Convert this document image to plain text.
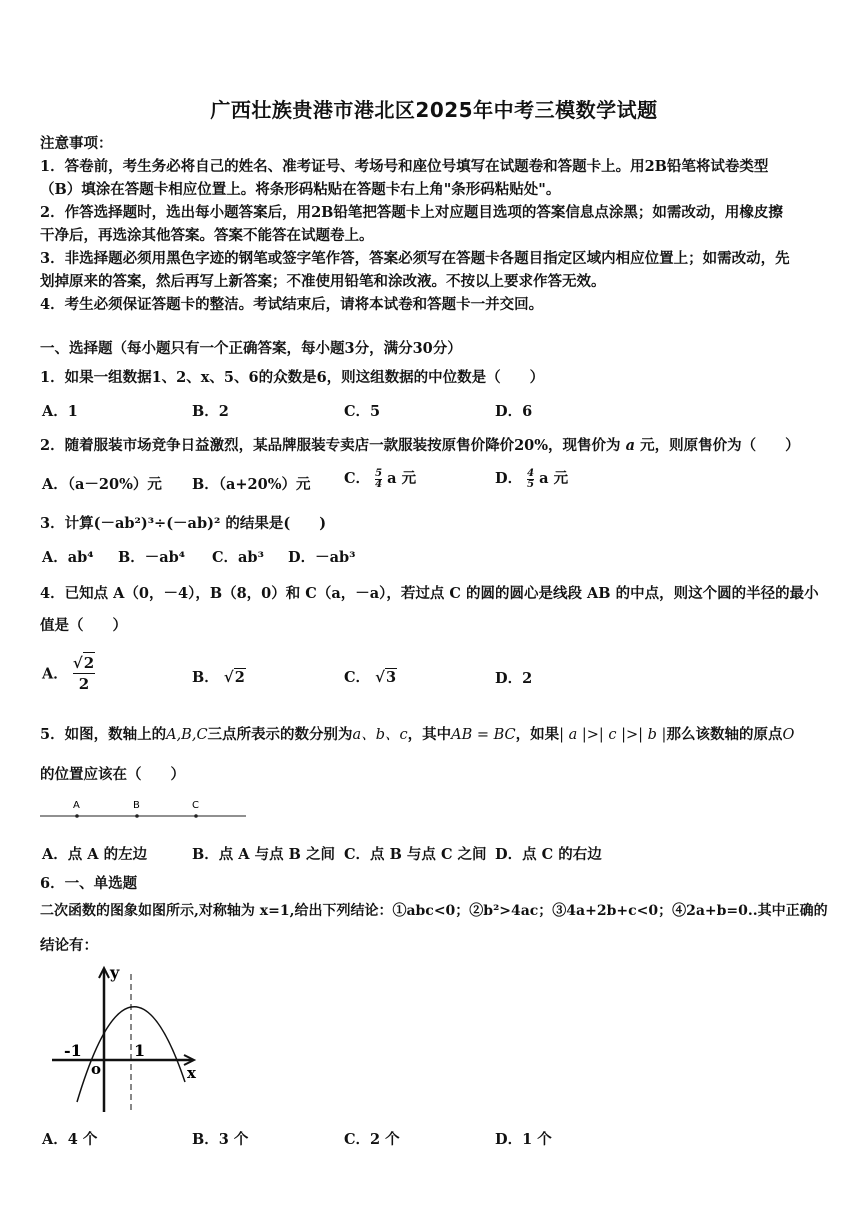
广西壮族贵港市港北区2025年中考三模数学试题
注意事项：
1．答卷前，考生务必将自己的姓名、准考证号、考场号和座位号填写在试题卷和答题卡上。用2B铅笔将试卷类型
（B）填涂在答题卡相应位置上。将条形码粘贴在答题卡右上角"条形码粘贴处"。
2．作答选择题时，选出每小题答案后，用2B铅笔把答题卡上对应题目选项的答案信息点涂黑；如需改动，用橡皮擦
干净后，再选涂其他答案。答案不能答在试题卷上。
3．非选择题必须用黑色字迹的钢笔或签字笔作答，答案必须写在答题卡各题目指定区域内相应位置上；如需改动，先
划掉原来的答案，然后再写上新答案；不准使用铅笔和涂改液。不按以上要求作答无效。
4．考生必须保证答题卡的整洁。考试结束后，请将本试卷和答题卡一并交回。
一、选择题（每小题只有一个正确答案，每小题3分，满分30分）
1．如果一组数据1、2、x、5、6的众数是6，则这组数据的中位数是（　　）
A．1	B．2	C．5	D．6
2．随着服装市场竞争日益激烈，某品牌服装专卖店一款服装按原售价降价20%，现售价为 a 元，则原售价为（　　）
A．（a－20%）元 B．（a+20%）元 C． $\frac{5}{4}$ a 元	D． $\frac{4}{5}$ a 元
3．计算(－ab²)³÷(－ab)² 的结果是(　　)
A．ab⁴ B．－ab⁴ C．ab³ D．－ab³
4．已知点 A（0，－4），B（8，0）和 C（a，－a），若过点 C 的圆的圆心是线段 AB 的中点，则这个圆的半径的最小
值是（　　）
A． $\frac{√2}{2}$	B． √2	C． √3	D．2
5．如图，数轴上的A,B,C三点所表示的数分别为a、b、c，其中AB = BC，如果| a |>| c |>| b |那么该数轴的原点O
的位置应该在（　　）
A	B	C
A．点 A 的左边	B．点 A 与点 B 之间 C．点 B 与点 C 之间 D．点 C 的右边
6．一、单选题
二次函数的图象如图所示,对称轴为 x=1,给出下列结论：①abc<0；②b²>4ac；③4a+2b+c<0；④2a+b=0..其中正确的
结论有：
y
x
o
-1	1
A．4 个	B．3 个	C．2 个	D．1 个
